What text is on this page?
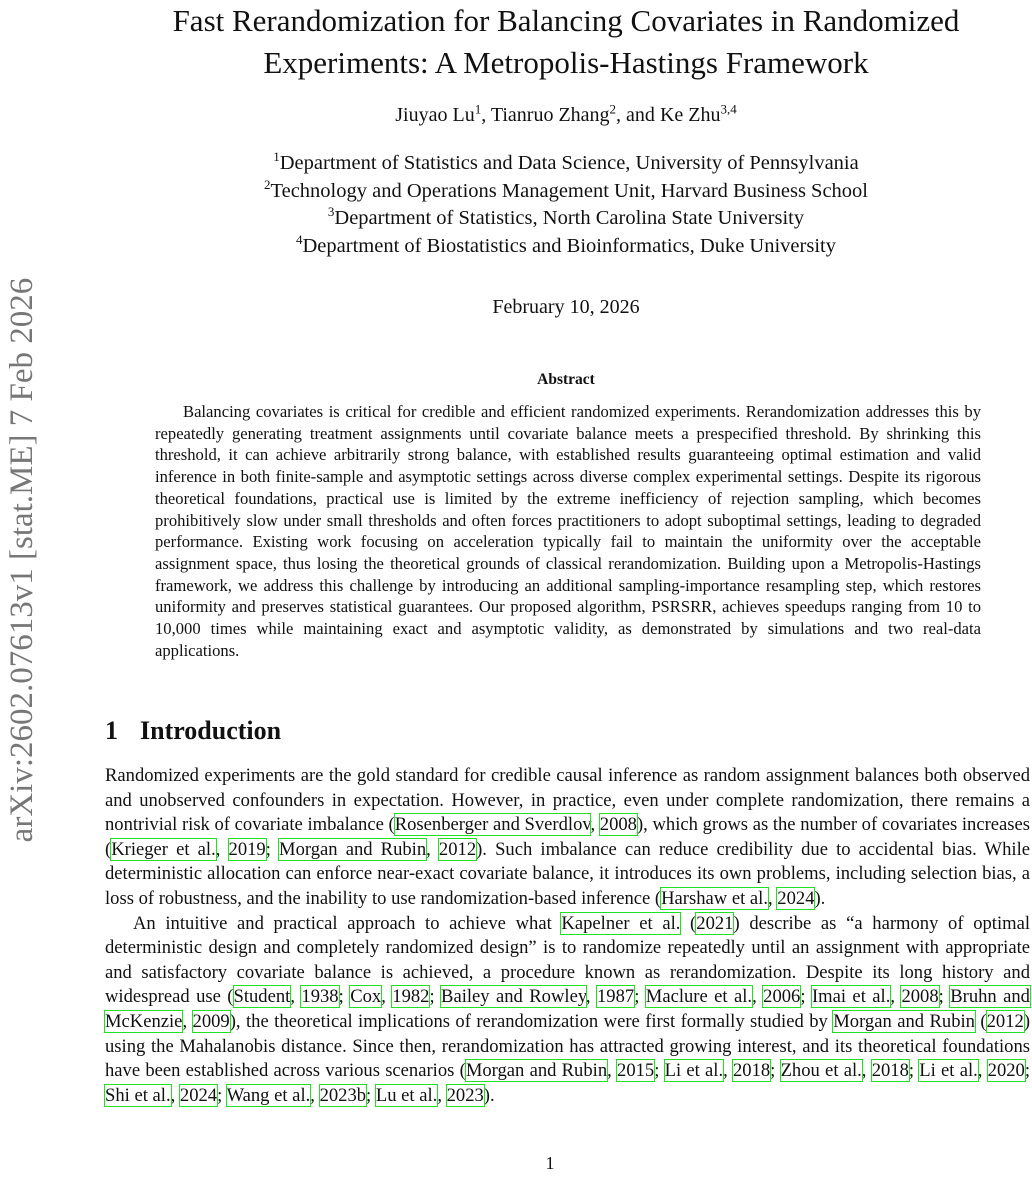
arXiv:2602.07613v1 [stat.ME] 7 Feb 2026
Fast Rerandomization for Balancing Covariates in Randomized
Experiments: A Metropolis-Hastings Framework
Jiuyao Lu$^1$, Tianruo Zhang$^2$, and Ke Zhu$^{3,4}$
$^1$Department of Statistics and Data Science, University of Pennsylvania
$^2$Technology and Operations Management Unit, Harvard Business School
$^3$Department of Statistics, North Carolina State University
$^4$Department of Biostatistics and Bioinformatics, Duke University
February 10, 2026
Abstract
Balancing covariates is critical for credible and efficient randomized experiments. Rerandomization addresses this by repeatedly generating treatment assignments until covariate balance meets a prespecified threshold. By shrinking this threshold, it can achieve arbitrarily strong balance, with established results guaranteeing optimal estimation and valid inference in both finite-sample and asymptotic settings across diverse complex experimental settings. Despite its rigorous theoretical foundations, practical use is limited by the extreme inefficiency of rejection sampling, which becomes prohibitively slow under small thresholds and often forces practitioners to adopt suboptimal settings, leading to degraded performance. Existing work focusing on acceleration typically fail to maintain the uniformity over the acceptable assignment space, thus losing the theoretical grounds of classical rerandomization. Building upon a Metropolis-Hastings framework, we address this challenge by introducing an additional sampling-importance resampling step, which restores uniformity and preserves statistical guarantees. Our proposed algorithm, PSRSRR, achieves speedups ranging from 10 to 10,000 times while maintaining exact and asymptotic validity, as demonstrated by simulations and two real-data applications.
1 Introduction

Randomized experiments are the gold standard for credible causal inference as random assignment balances both observed and unobserved confounders in expectation. However, in practice, even under complete randomization, there remains a nontrivial risk of covariate imbalance (Rosenberger and Sverdlov, 2008), which grows as the number of covariates increases (Krieger et al., 2019; Morgan and Rubin, 2012). Such imbalance can reduce credibility due to accidental bias. While deterministic allocation can enforce near-exact covariate balance, it introduces its own problems, including selection bias, a loss of robustness, and the inability to use randomization-based inference (Harshaw et al., 2024).

An intuitive and practical approach to achieve what Kapelner et al. (2021) describe as “a harmony of optimal deterministic design and completely randomized design” is to randomize repeatedly until an assignment with appropriate and satisfactory covariate balance is achieved, a procedure known as rerandomization. Despite its long history and widespread use (Student, 1938; Cox, 1982; Bailey and Rowley, 1987; Maclure et al., 2006; Imai et al., 2008; Bruhn and McKenzie, 2009), the theoretical implications of rerandomization were first formally studied by Morgan and Rubin (2012) using the Mahalanobis distance. Since then, rerandomization has attracted growing interest, and its theoretical foundations have been established across various scenarios (Morgan and Rubin, 2015; Li et al., 2018; Zhou et al., 2018; Li et al., 2020; Shi et al., 2024; Wang et al., 2023b; Lu et al., 2023).

1
